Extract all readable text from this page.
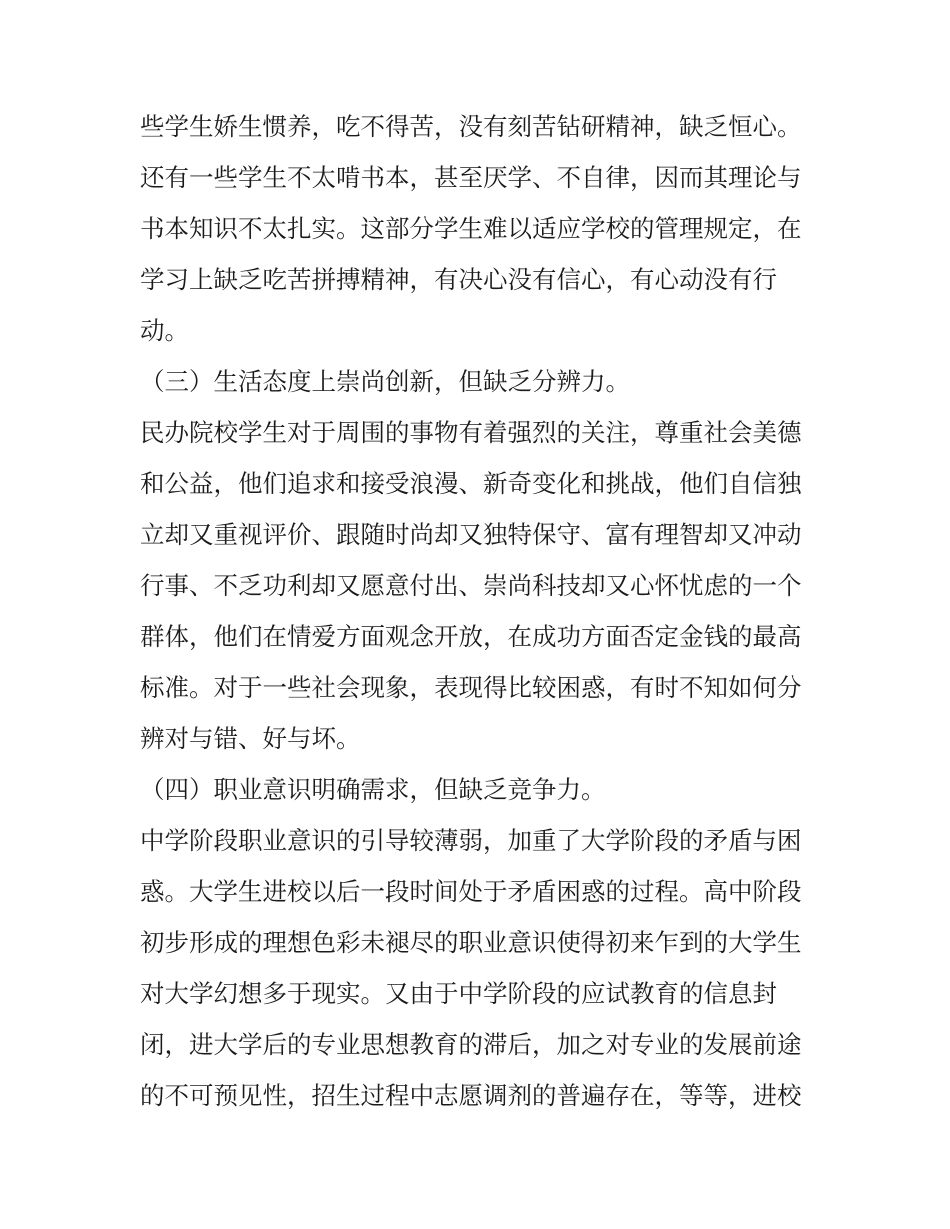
些学生娇生惯养，吃不得苦，没有刻苦钻研精神，缺乏恒心。
还有一些学生不太啃书本，甚至厌学、不自律，因而其理论与
书本知识不太扎实。这部分学生难以适应学校的管理规定，在
学习上缺乏吃苦拼搏精神，有决心没有信心，有心动没有行
动。
（三）生活态度上崇尚创新，但缺乏分辨力。
民办院校学生对于周围的事物有着强烈的关注，尊重社会美德
和公益，他们追求和接受浪漫、新奇变化和挑战，他们自信独
立却又重视评价、跟随时尚却又独特保守、富有理智却又冲动
行事、不乏功利却又愿意付出、崇尚科技却又心怀忧虑的一个
群体，他们在情爱方面观念开放，在成功方面否定金钱的最高
标准。对于一些社会现象，表现得比较困惑，有时不知如何分
辨对与错、好与坏。
（四）职业意识明确需求，但缺乏竞争力。
中学阶段职业意识的引导较薄弱，加重了大学阶段的矛盾与困
惑。大学生进校以后一段时间处于矛盾困惑的过程。高中阶段
初步形成的理想色彩未褪尽的职业意识使得初来乍到的大学生
对大学幻想多于现实。又由于中学阶段的应试教育的信息封
闭，进大学后的专业思想教育的滞后，加之对专业的发展前途
的不可预见性，招生过程中志愿调剂的普遍存在，等等，进校
